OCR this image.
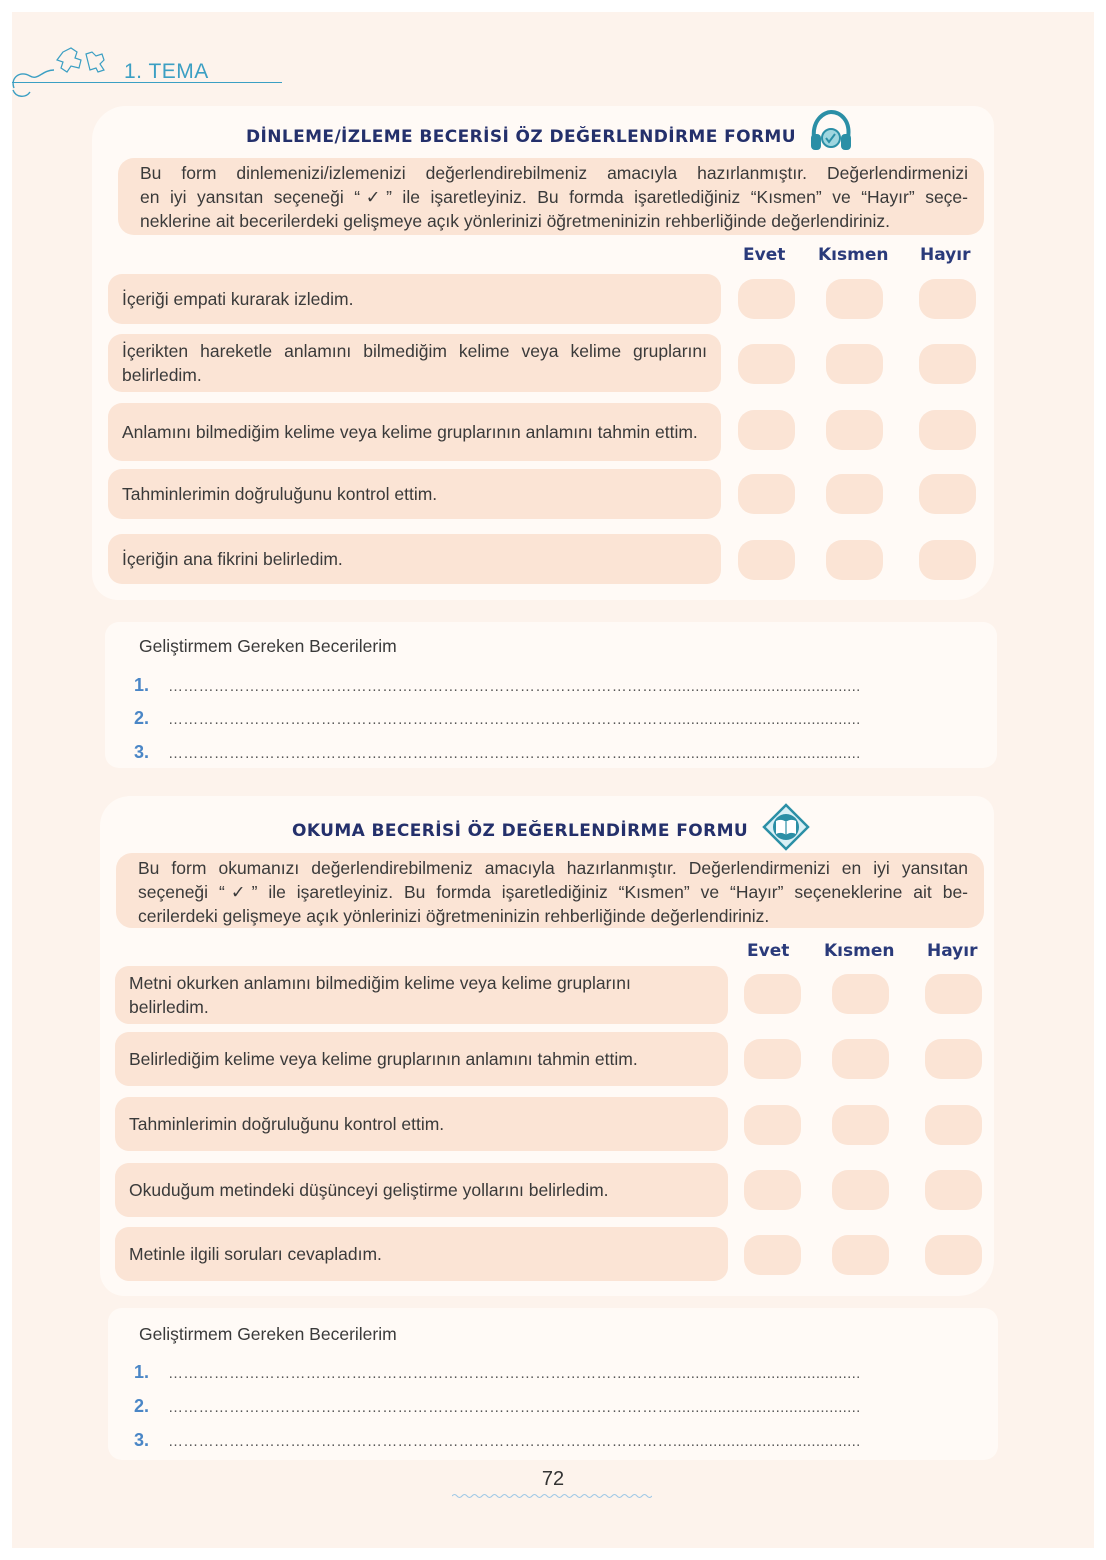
1. TEMA
DİNLEME/İZLEME BECERİSİ ÖZ DEĞERLENDİRME FORMU
Bu form dinlemenizi/izlemenizi değerlendirebilmeniz amacıyla hazırlanmıştır. Değerlendirmenizi
en iyi yansıtan seçeneği “✓” ile işaretleyiniz. Bu formda işaretlediğiniz “Kısmen” ve “Hayır” seçe-
neklerine ait becerilerdeki gelişmeye açık yönlerinizi öğretmeninizin rehberliğinde değerlendiriniz.
Evet Kısmen Hayır
İçeriği empati kurarak izledim.
İçerikten hareketle anlamını bilmediğim kelime veya kelime gruplarını belirledim.
Anlamını bilmediğim kelime veya kelime gruplarının anlamını tahmin ettim.
Tahminlerimin doğruluğunu kontrol ettim.
İçeriğin ana fikrini belirledim.
Geliştirmem Gereken Becerilerim
1. ………………………………………………………………………………………..........................................
2. ………………………………………………………………………………………..........................................
3. ………………………………………………………………………………………..........................................
OKUMA BECERİSİ ÖZ DEĞERLENDİRME FORMU
Bu form okumanızı değerlendirebilmeniz amacıyla hazırlanmıştır. Değerlendirmenizi en iyi yansıtan
seçeneği “✓” ile işaretleyiniz. Bu formda işaretlediğiniz “Kısmen” ve “Hayır” seçeneklerine ait be-
cerilerdeki gelişmeye açık yönlerinizi öğretmeninizin rehberliğinde değerlendiriniz.
Evet Kısmen Hayır
Metni okurken anlamını bilmediğim kelime veya kelime gruplarını belirledim.
Belirlediğim kelime veya kelime gruplarının anlamını tahmin ettim.
Tahminlerimin doğruluğunu kontrol ettim.
Okuduğum metindeki düşünceyi geliştirme yollarını belirledim.
Metinle ilgili soruları cevapladım.
Geliştirmem Gereken Becerilerim
1. ………………………………………………………………………………………..........................................
2. ………………………………………………………………………………………..........................................
3. ………………………………………………………………………………………..........................................
72
